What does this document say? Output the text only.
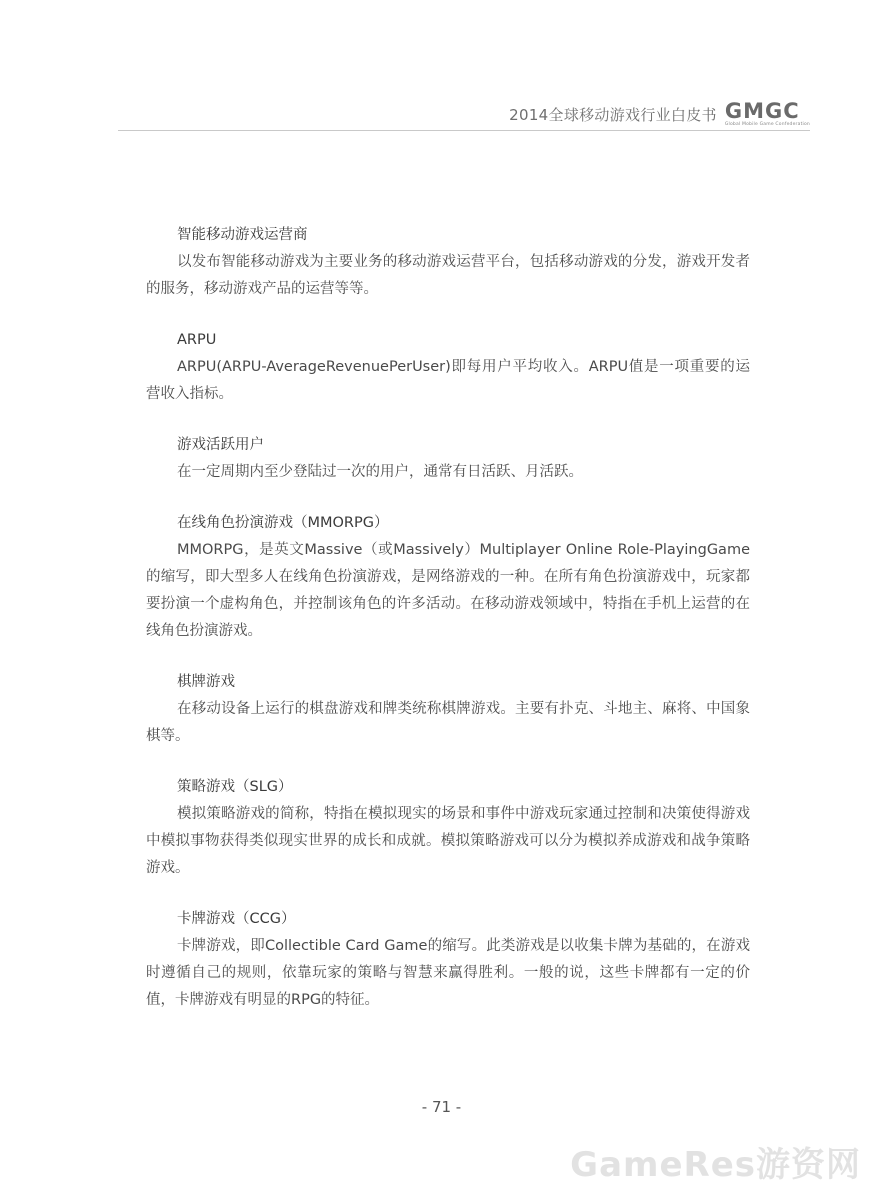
2014全球移动游戏行业白皮书 GMGC
Global Mobile Game Confederation
智能移动游戏运营商

以发布智能移动游戏为主要业务的移动游戏运营平台，包括移动游戏的分发，游戏开发者的服务，移动游戏产品的运营等等。

ARPU

ARPU(ARPU-AverageRevenuePerUser)即每用户平均收入。ARPU值是一项重要的运营收入指标。

游戏活跃用户

在一定周期内至少登陆过一次的用户，通常有日活跃、月活跃。

在线角色扮演游戏（MMORPG）

MMORPG，是英文Massive（或Massively）Multiplayer Online Role-PlayingGame的缩写，即大型多人在线角色扮演游戏，是网络游戏的一种。在所有角色扮演游戏中，玩家都要扮演一个虚构角色，并控制该角色的许多活动。在移动游戏领域中，特指在手机上运营的在线角色扮演游戏。

棋牌游戏

在移动设备上运行的棋盘游戏和牌类统称棋牌游戏。主要有扑克、斗地主、麻将、中国象棋等。

策略游戏（SLG）

模拟策略游戏的简称，特指在模拟现实的场景和事件中游戏玩家通过控制和决策使得游戏中模拟事物获得类似现实世界的成长和成就。模拟策略游戏可以分为模拟养成游戏和战争策略游戏。

卡牌游戏（CCG）

卡牌游戏，即Collectible Card Game的缩写。此类游戏是以收集卡牌为基础的，在游戏时遵循自己的规则，依靠玩家的策略与智慧来赢得胜利。一般的说，这些卡牌都有一定的价值，卡牌游戏有明显的RPG的特征。

- 71 -
GameRes游资网
